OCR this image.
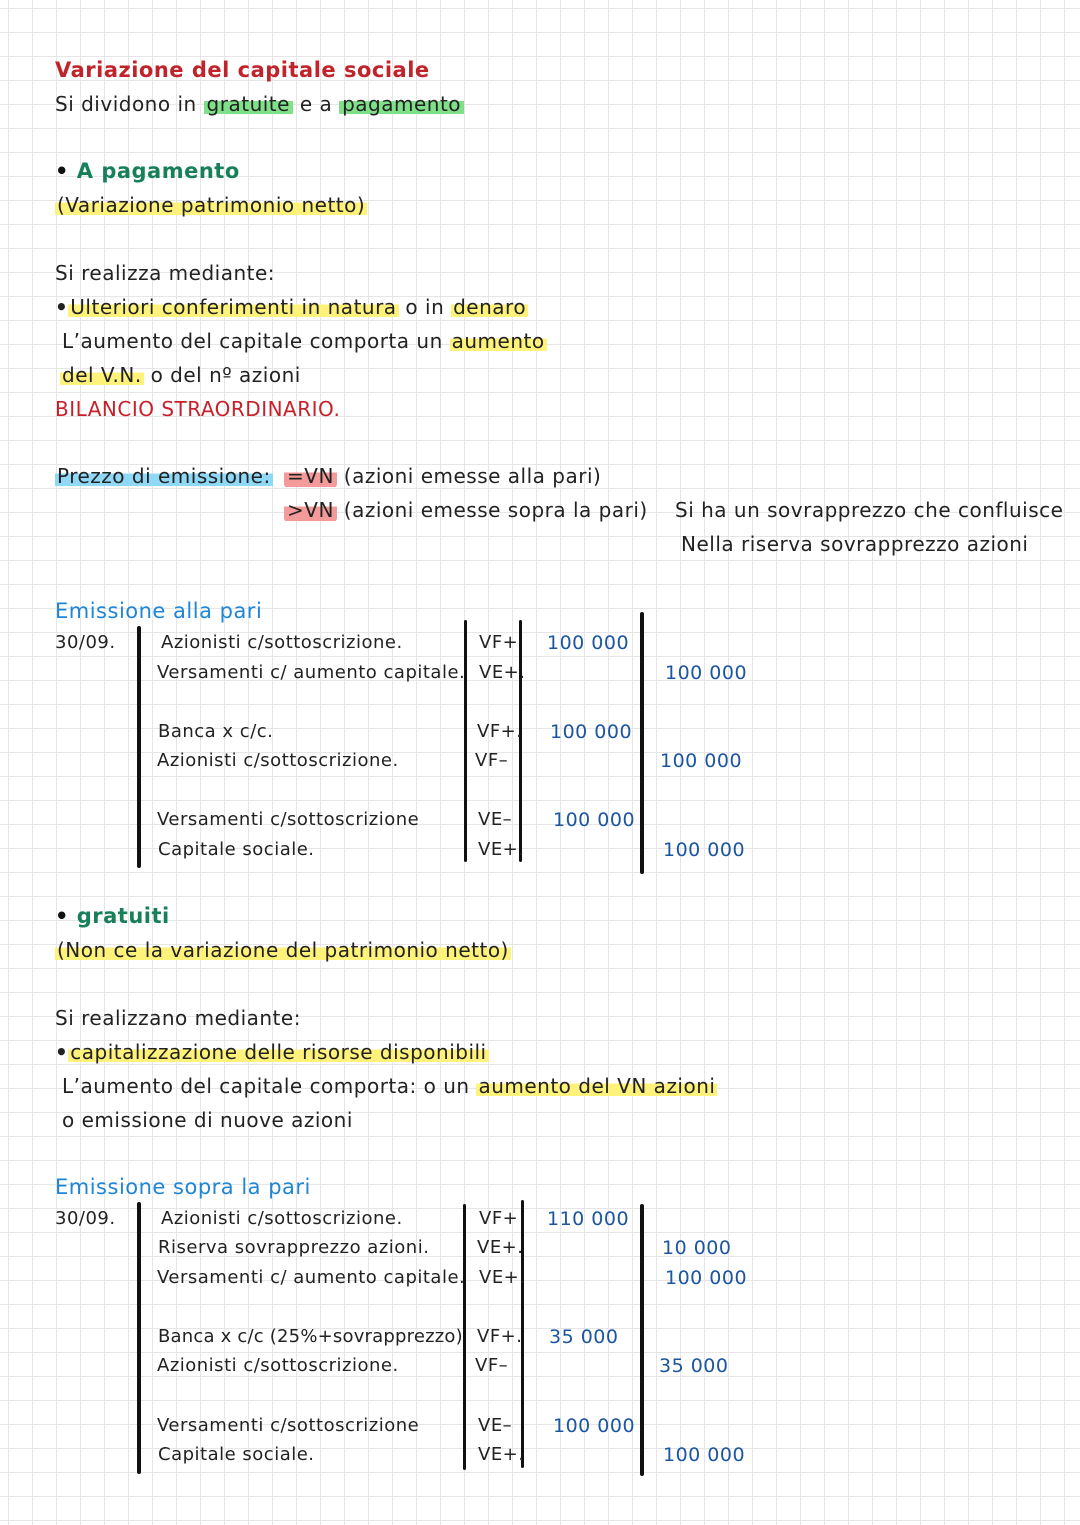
Variazione del capitale sociale
Si dividono in gratuite e a pagamento
• A pagamento
(Variazione patrimonio netto)
Si realizza mediante:
• Ulteriori conferimenti in natura o in denaro
L’aumento del capitale comporta un aumento
del V.N. o del nº azioni
BILANCIO STRAORDINARIO.
Prezzo di emissione: =VN (azioni emesse alla pari)
>VN (azioni emesse sopra la pari) Si ha un sovrapprezzo che confluisce
Nella riserva sovrapprezzo azioni
Emissione alla pari
30/09.	Azionisti c/sottoscrizione.	VF+ 100 000
Versamenti c/ aumento capitale. VE+.	100 000
Banca x c/c.	VF+. 100 000
Azionisti c/sottoscrizione.	VF–	100 000
Versamenti c/sottoscrizione	VE– 100 000
Capitale sociale.	VE+.	100 000
• gratuiti
(Non ce la variazione del patrimonio netto)
Si realizzano mediante:
• capitalizzazione delle risorse disponibili
L’aumento del capitale comporta: o un aumento del VN azioni
o emissione di nuove azioni
Emissione sopra la pari
30/09.	Azionisti c/sottoscrizione.	VF+ 110 000
Riserva sovrapprezzo azioni.	VE+.	10 000
Versamenti c/ aumento capitale. VE+.	100 000
Banca x c/c (25%+sovrapprezzo) VF+. 35 000
Azionisti c/sottoscrizione.	VF–	35 000
Versamenti c/sottoscrizione	VE– 100 000
Capitale sociale.	VE+.	100 000
